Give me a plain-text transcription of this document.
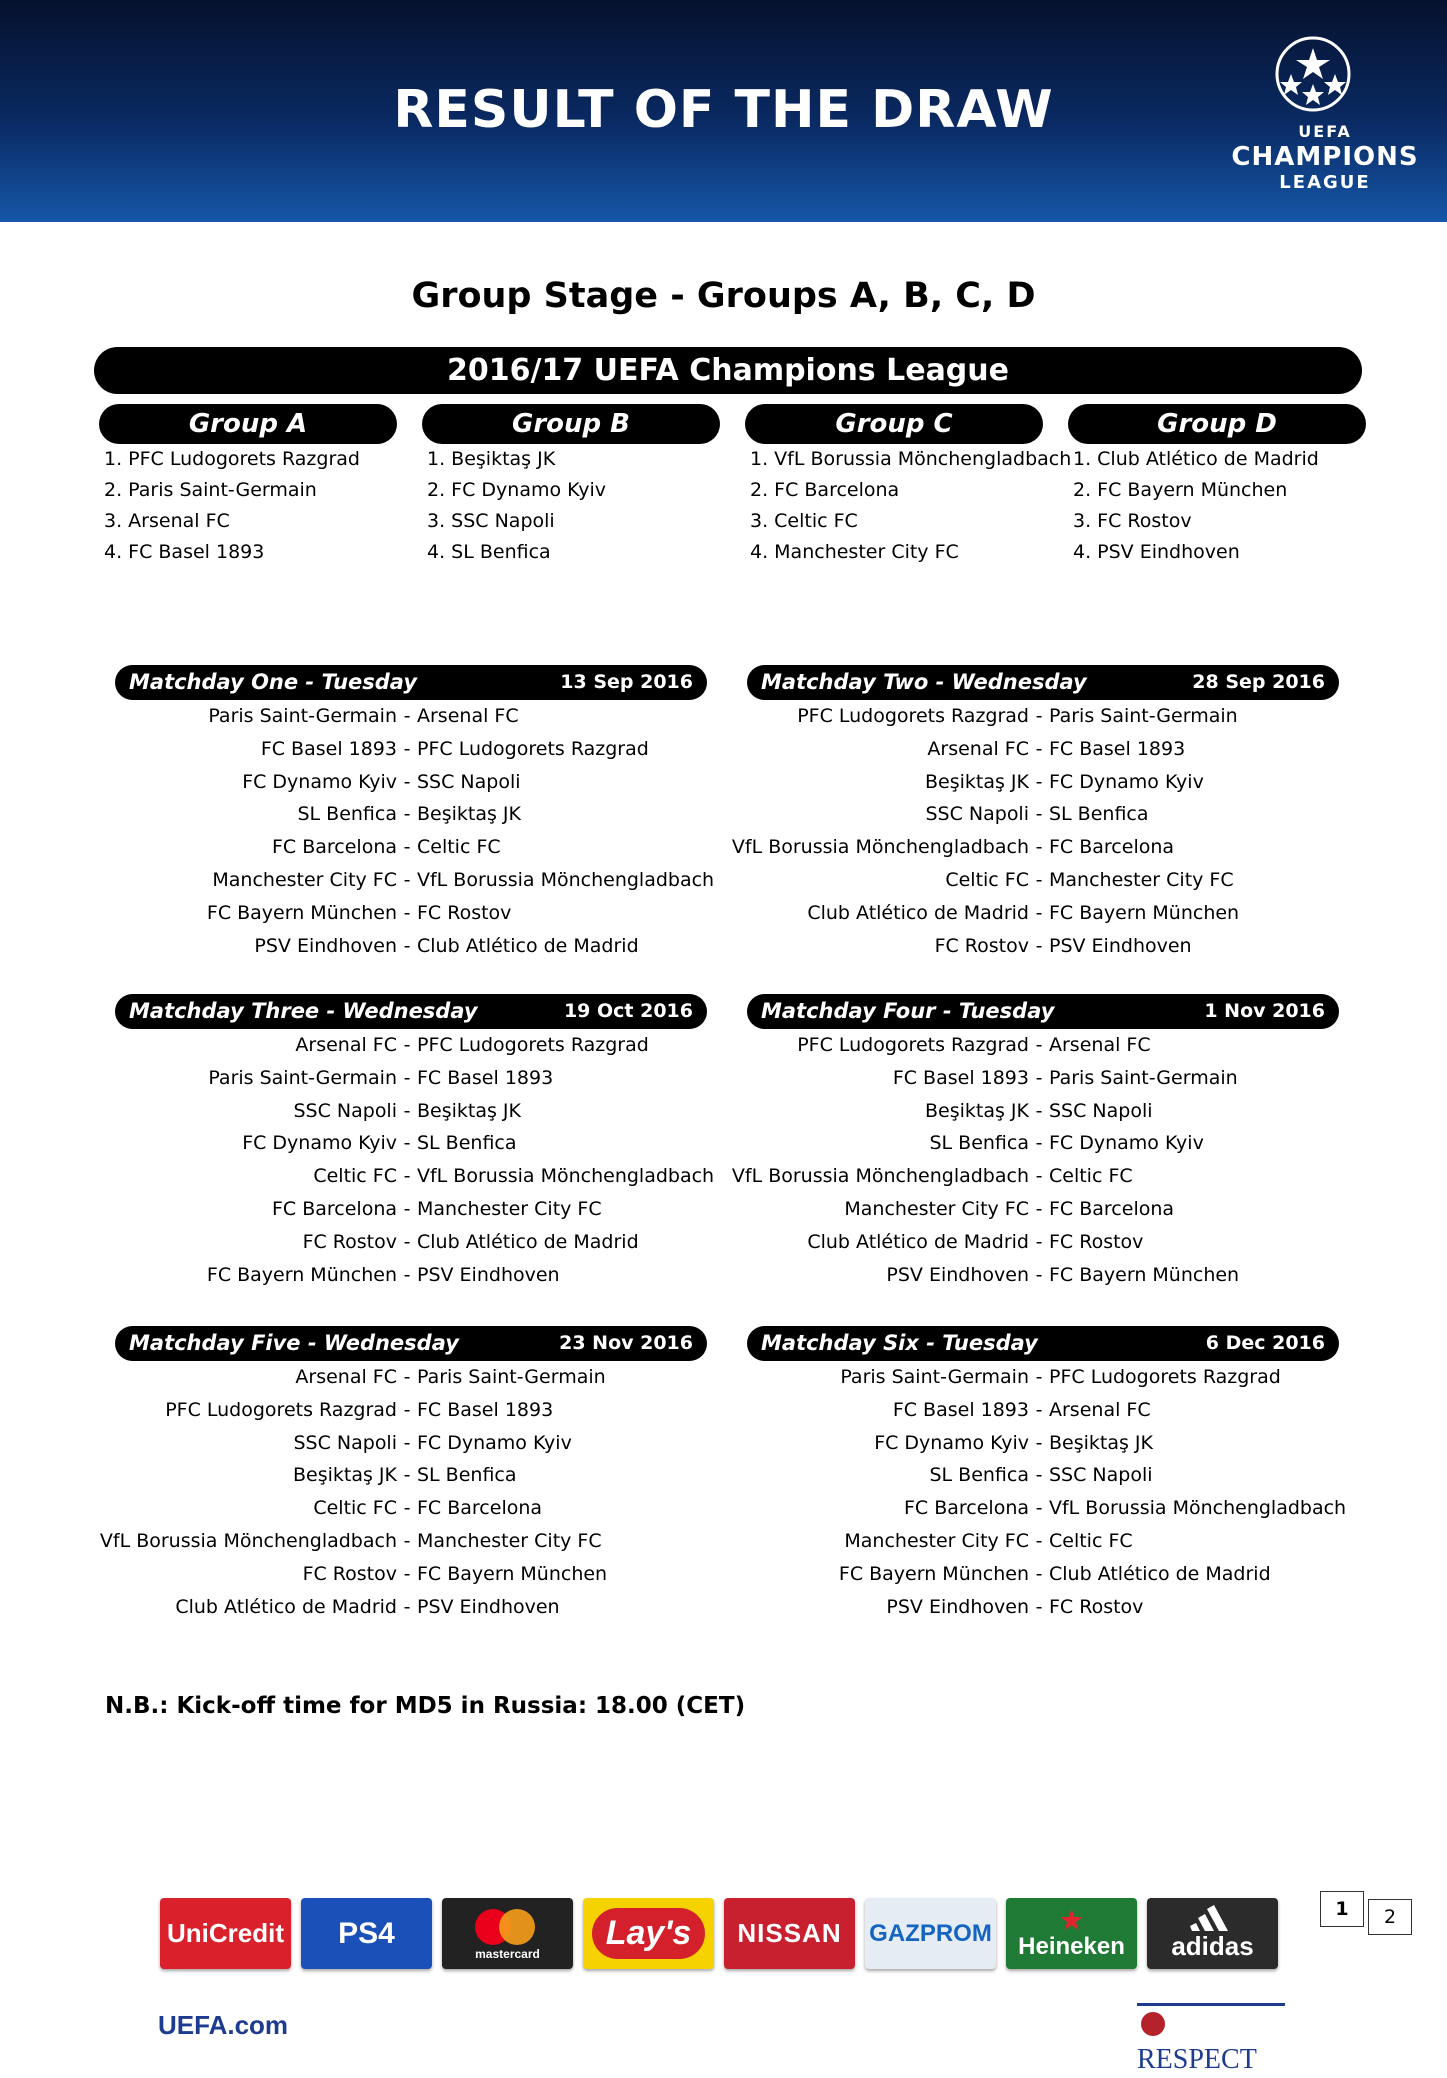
RESULT OF THE DRAW	UEFA
CHAMPIONS
LEAGUE
Group Stage - Groups A, B, C, D
2016/17 UEFA Champions League
Group A
1. PFC Ludogorets Razgrad
2. Paris Saint-Germain
3. Arsenal FC
4. FC Basel 1893
Group B
1. Beşiktaş JK
2. FC Dynamo Kyiv
3. SSC Napoli
4. SL Benfica
Group C
1. VfL Borussia Mönchengladbach
2. FC Barcelona
3. Celtic FC
4. Manchester City FC
Group D
1. Club Atlético de Madrid
2. FC Bayern München
3. FC Rostov
4. PSV Eindhoven
Matchday One - Tuesday	13 Sep 2016
Paris Saint-Germain - Arsenal FC
FC Basel 1893 - PFC Ludogorets Razgrad
FC Dynamo Kyiv - SSC Napoli
SL Benfica - Beşiktaş JK
FC Barcelona - Celtic FC
Manchester City FC - VfL Borussia Mönchengladbach
FC Bayern München - FC Rostov
PSV Eindhoven - Club Atlético de Madrid
Matchday Two - Wednesday	28 Sep 2016
PFC Ludogorets Razgrad - Paris Saint-Germain
Arsenal FC - FC Basel 1893
Beşiktaş JK - FC Dynamo Kyiv
SSC Napoli - SL Benfica
VfL Borussia Mönchengladbach - FC Barcelona
Celtic FC - Manchester City FC
Club Atlético de Madrid - FC Bayern München
FC Rostov - PSV Eindhoven
Matchday Three - Wednesday	19 Oct 2016
Arsenal FC - PFC Ludogorets Razgrad
Paris Saint-Germain - FC Basel 1893
SSC Napoli - Beşiktaş JK
FC Dynamo Kyiv - SL Benfica
Celtic FC - VfL Borussia Mönchengladbach
FC Barcelona - Manchester City FC
FC Rostov - Club Atlético de Madrid
FC Bayern München - PSV Eindhoven
Matchday Four - Tuesday	1 Nov 2016
PFC Ludogorets Razgrad - Arsenal FC
FC Basel 1893 - Paris Saint-Germain
Beşiktaş JK - SSC Napoli
SL Benfica - FC Dynamo Kyiv
VfL Borussia Mönchengladbach - Celtic FC
Manchester City FC - FC Barcelona
Club Atlético de Madrid - FC Rostov
PSV Eindhoven - FC Bayern München
Matchday Five - Wednesday	23 Nov 2016
Arsenal FC - Paris Saint-Germain
PFC Ludogorets Razgrad - FC Basel 1893
SSC Napoli - FC Dynamo Kyiv
Beşiktaş JK - SL Benfica
Celtic FC - FC Barcelona
VfL Borussia Mönchengladbach - Manchester City FC
FC Rostov - FC Bayern München
Club Atlético de Madrid - PSV Eindhoven
Matchday Six - Tuesday	6 Dec 2016
Paris Saint-Germain - PFC Ludogorets Razgrad
FC Basel 1893 - Arsenal FC
FC Dynamo Kyiv - Beşiktaş JK
SL Benfica - SSC Napoli
FC Barcelona - VfL Borussia Mönchengladbach
Manchester City FC - Celtic FC
FC Bayern München - Club Atlético de Madrid
PSV Eindhoven - FC Rostov
N.B.: Kick-off time for MD5 in Russia: 18.00 (CET)
UniCredit PS4
mastercard
Lay's	NISSAN GAZPROM	★
Heineken adidas
1	2
UEFA.com
RESPECT
